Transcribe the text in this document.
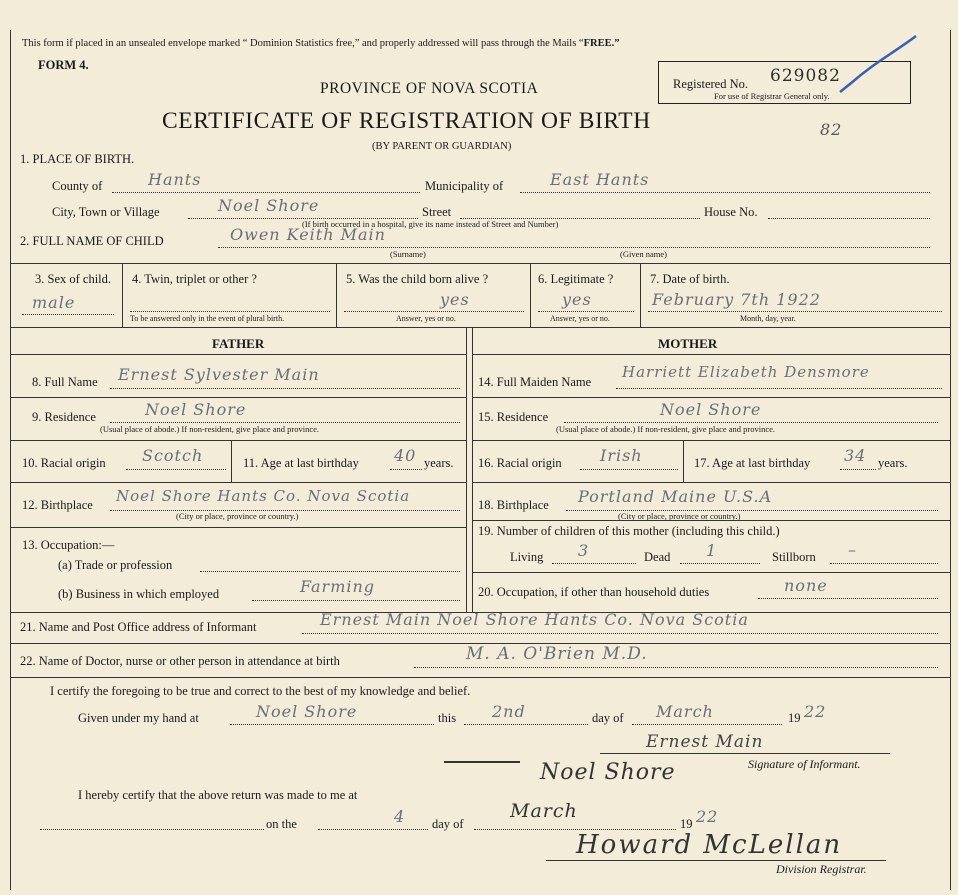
This form if placed in an unsealed envelope marked “ Dominion Statistics free,” and properly addressed will pass through the Mails “FREE.”
FORM 4.
PROVINCE OF NOVA SCOTIA
CERTIFICATE OF REGISTRATION OF BIRTH
(BY PARENT OR GUARDIAN)
Registered No. 629082
For use of Registrar General only.
82
1. PLACE OF BIRTH.
County of	Hants	Municipality of	East Hants
City, Town or Village	Noel Shore	Street
(If birth occurred in a hospital, give its name instead of Street and Number)
House No.
2. FULL NAME OF CHILD	Owen Keith Main
(Surname)	(Given name)
3. Sex of child.
male
4. Twin, triplet or other ?
To be answered only in the event of plural birth.
5. Was the child born alive ?
yes
Answer, yes or no.
6. Legitimate ?
yes
Answer, yes or no.
7. Date of birth.
February 7th 1922
Month, day, year.
FATHER	MOTHER
8. Full Name Ernest Sylvester Main
9. Residence	Noel Shore
(Usual place of abode.) If non-resident, give place and province.
10. Racial origin Scotch	11. Age at last birthday 40 years.
12. Birthplace Noel Shore Hants Co. Nova Scotia
(City or place, province or country.)
13. Occupation:—
(a) Trade or profession
(b) Business in which employed	Farming
14. Full Maiden Name
Harriett Elizabeth Densmore
15. Residence	Noel Shore
(Usual place of abode.) If non-resident, give place and province.
16. Racial origin Irish	17. Age at last birthday 34 years.
18. Birthplace Portland Maine U.S.A
(City or place, province or country.)
19. Number of children of this mother (including this child.)
Living 3	Dead 1	Stillborn –
20. Occupation, if other than household duties	none
21. Name and Post Office address of Informant	Ernest Main Noel Shore Hants Co. Nova Scotia
22. Name of Doctor, nurse or other person in attendance at birth	M. A. O'Brien M.D.
I certify the foregoing to be true and correct to the best of my knowledge and belief.
Given under my hand at	Noel Shore	this 2nd	day of March	19 22
Ernest Main
Signature of Informant.
I hereby certify that the above return was made to me at
Noel Shore
on the	4 day of
March
19 22
Howard McLellan
Division Registrar.
